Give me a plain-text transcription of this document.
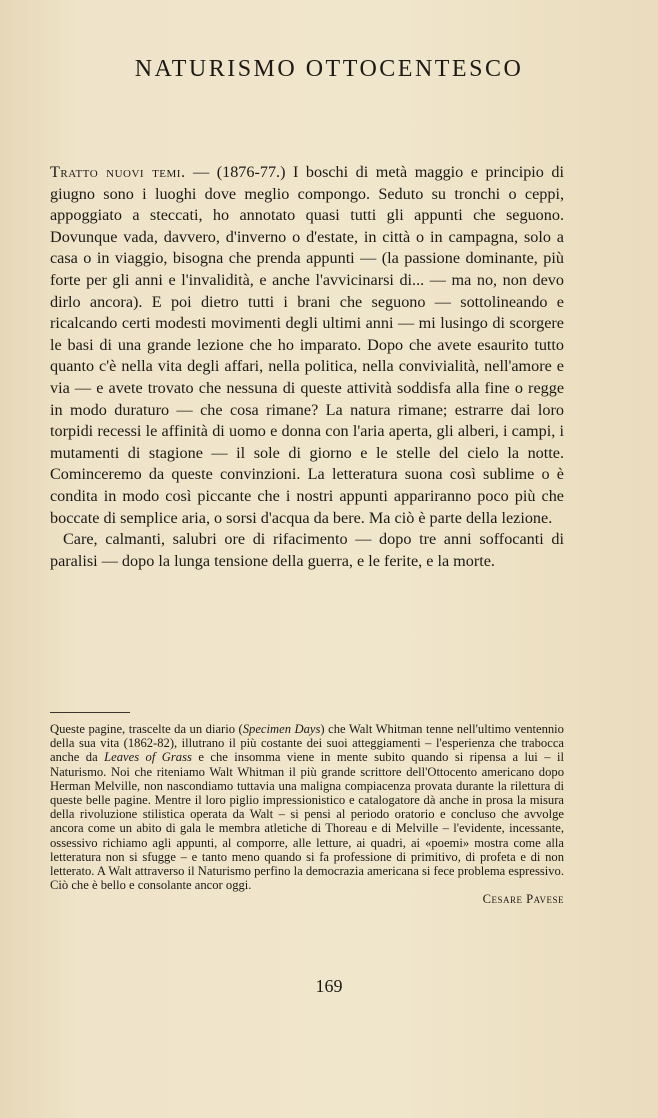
NATURISMO OTTOCENTESCO

Tratto nuovi temi. — (1876-77.) I boschi di metà maggio e principio di giugno sono i luoghi dove meglio compongo. Seduto su tronchi o ceppi, appoggiato a steccati, ho annotato quasi tutti gli appunti che seguono. Dovunque vada, davvero, d'inverno o d'estate, in città o in campagna, solo a casa o in viaggio, bisogna che prenda appunti — (la passione dominante, più forte per gli anni e l'invalidità, e anche l'avvicinarsi di... — ma no, non devo dirlo ancora). E poi dietro tutti i brani che seguono — sottolineando e ricalcando certi modesti movimenti degli ultimi anni — mi lusingo di scorgere le basi di una grande lezione che ho imparato. Dopo che avete esaurito tutto quanto c'è nella vita degli affari, nella politica, nella convivialità, nell'amore e via — e avete trovato che nessuna di queste attività soddisfa alla fine o regge in modo duraturo — che cosa rimane? La natura rimane; estrarre dai loro torpidi recessi le affinità di uomo e donna con l'aria aperta, gli alberi, i campi, i mutamenti di stagione — il sole di giorno e le stelle del cielo la notte. Cominceremo da queste convinzioni. La letteratura suona così sublime o è condita in modo così piccante che i nostri appunti appariranno poco più che boccate di semplice aria, o sorsi d'acqua da bere. Ma ciò è parte della lezione.

Care, calmanti, salubri ore di rifacimento — dopo tre anni soffocanti di paralisi — dopo la lunga tensione della guerra, e le ferite, e la morte.

Queste pagine, trascelte da un diario (Specimen Days) che Walt Whitman tenne nell'ultimo ventennio della sua vita (1862-82), illutrano il più costante dei suoi atteggiamenti – l'esperienza che trabocca anche da Leaves of Grass e che insomma viene in mente subito quando si ripensa a lui – il Naturismo. Noi che riteniamo Walt Whitman il più grande scrittore dell'Ottocento americano dopo Herman Melville, non nascondiamo tuttavia una maligna compiacenza provata durante la rilettura di queste belle pagine. Mentre il loro piglio impressionistico e catalogatore dà anche in prosa la misura della rivoluzione stilistica operata da Walt – si pensi al periodo oratorio e concluso che avvolge ancora come un abito di gala le membra atletiche di Thoreau e di Melville – l'evidente, incessante, ossessivo richiamo agli appunti, al comporre, alle letture, ai quadri, ai «poemi» mostra come alla letteratura non si sfugge – e tanto meno quando si fa professione di primitivo, di profeta e di non letterato. A Walt attraverso il Naturismo perfino la democrazia americana si fece problema espressivo. Ciò che è bello e consolante ancor oggi.

Cesare Pavese

169
